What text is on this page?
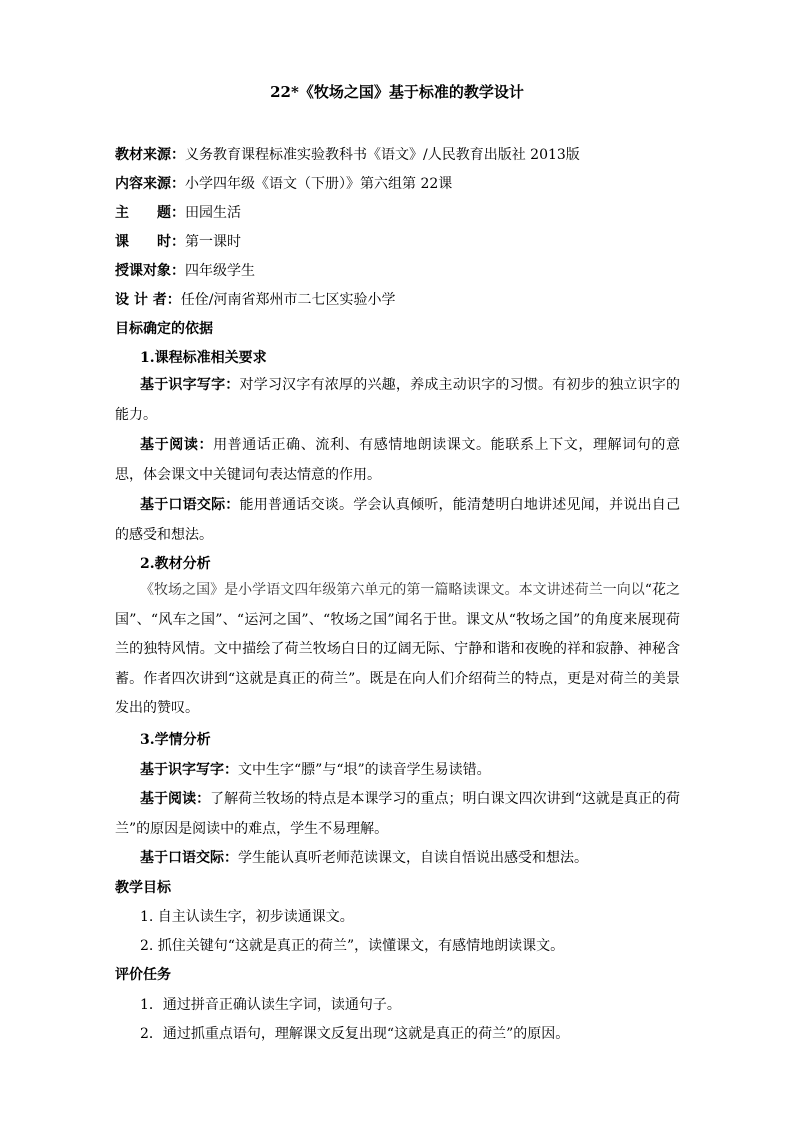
22*《牧场之国》基于标准的教学设计
教材来源：义务教育课程标准实验教科书《语文》/人民教育出版社 2013版
内容来源：小学四年级《语文（下册）》第六组第 22课
主　　题：田园生活
课　　时：第一课时
授课对象：四年级学生
设 计 者：任佺/河南省郑州市二七区实验小学
目标确定的依据
1.课程标准相关要求
基于识字写字：对学习汉字有浓厚的兴趣，养成主动识字的习惯。有初步的独立识字的能力。
基于阅读：用普通话正确、流利、有感情地朗读课文。能联系上下文，理解词句的意思，体会课文中关键词句表达情意的作用。
基于口语交际：能用普通话交谈。学会认真倾听，能清楚明白地讲述见闻，并说出自己的感受和想法。
2.教材分析
《牧场之国》是小学语文四年级第六单元的第一篇略读课文。本文讲述荷兰一向以“花之国”、“风车之国”、“运河之国”、“牧场之国”闻名于世。课文从“牧场之国”的角度来展现荷兰的独特风情。文中描绘了荷兰牧场白日的辽阔无际、宁静和谐和夜晚的祥和寂静、神秘含蓄。作者四次讲到“这就是真正的荷兰”。既是在向人们介绍荷兰的特点，更是对荷兰的美景发出的赞叹。
3.学情分析
基于识字写字：文中生字“膘”与“垠”的读音学生易读错。
基于阅读：了解荷兰牧场的特点是本课学习的重点；明白课文四次讲到“这就是真正的荷兰”的原因是阅读中的难点，学生不易理解。
基于口语交际：学生能认真听老师范读课文，自读自悟说出感受和想法。
教学目标
1. 自主认读生字，初步读通课文。
2. 抓住关键句“这就是真正的荷兰”，读懂课文，有感情地朗读课文。
评价任务
1．通过拼音正确认读生字词，读通句子。
2．通过抓重点语句，理解课文反复出现“这就是真正的荷兰”的原因。
